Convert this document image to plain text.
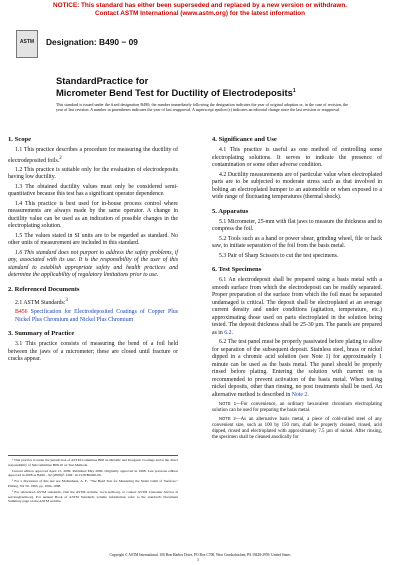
NOTICE: This standard has either been superseded and replaced by a new version or withdrawn.
Contact ASTM International (www.astm.org) for the latest information
ASTM	Designation: B490 − 09
StandardPractice for
Micrometer Bend Test for Ductility of Electrodeposits$^1$
This standard is issued under the fixed designation B490; the number immediately following the designation indicates the year of original adoption or, in the case of revision, the year of last revision. A number in parentheses indicates the year of last reapproval. A superscript epsilon (ε) indicates an editorial change since the last revision or reapproval.
1. Scope

1.1 This practice describes a procedure for measuring the ductility of electrodeposited foils.$^2$

1.2 This practice is suitable only for the evaluation of electrodeposits having low ductility.

1.3 The obtained ductility values must only be considered semi-quantitative because this test has a significant operator dependence.

1.4 This practice is best used for in-house process control where measurements are always made by the same operator. A change in ductility value can be used as an indication of possible changes in the electroplating solution.

1.5 The values stated in SI units are to be regarded as standard. No other units of measurement are included in this standard.

1.6 This standard does not purport to address the safety problems, if any, associated with its use. It is the responsibility of the user of this standard to establish appropriate safety and health practices and determine the applicability of regulatory limitations prior to use.

2. Referenced Documents

2.1 ASTM Standards:$^3$

B456 Specification for Electrodeposited Coatings of Copper Plus Nickel Plus Chromium and Nickel Plus Chromium

3. Summary of Practice

3.1 This practice consists of measuring the bend of a foil held between the jaws of a micrometer; these are closed until fracture or cracks appear.

¹ This practice is under the jurisdiction of ASTM Committee B08 on Metallic and Inorganic Coatings and is the direct responsibility of Subcommittee B08.10 on Test Methods.

Current edition approved April 15, 2009. Published May 2009. Originally approved in 1968. Last previous edition approved in 2008 as B490 – 92 (2008)ε¹. DOI: 10.1520/B0490-09.

² For a discussion of this test see Mollenhans, A. F., "The Bend Test for Measuring the Strain Limit of Surfaces," Plating, Vol 50, 1963, pp. 1094–1098.

³ For referenced ASTM standards, visit the ASTM website, www.astm.org, or contact ASTM Customer Service at service@astm.org. For Annual Book of ASTM Standards volume information, refer to the standard's Document Summary page on the ASTM website.

4. Significance and Use

4.1 This practice is useful as one method of controlling some electroplating solutions. It serves to indicate the presence of contamination or some other adverse condition.

4.2 Ductility measurements are of particular value when electroplated parts are to be subjected to moderate stress such as that involved in bolting an electroplated bumper to an automobile or when exposed to a wide range of fluctuating temperatures (thermal shock).

5. Apparatus

5.1 Micrometer, 25-mm with flat jaws to measure the thickness and to compress the foil.

5.2 Tools such as a hand or power shear, grinding wheel, file or hack saw, to initiate separation of the foil from the basis metal.

5.3 Pair of Sharp Scissors to cut the test specimens.

6. Test Specimens

6.1 An electrodeposit shall be prepared using a basis metal with a smooth surface from which the electrodeposit can be readily separated. Proper preparation of the surface from which the foil must be separated undamaged is critical. The deposit shall be electroplated at an average current density and under conditions (agitation, temperature, etc.) approximating those used on parts electroplated in the solution being tested. The deposit thickness shall be 25-30 µm. The panels are prepared as in 6.2.

6.2 The test panel must be properly passivated before plating to allow for separation of the subsequent deposit. Stainless steel, brass or nickel dipped in a chromic acid solution (see Note 1) for approximately 1 minute can be used as the basis metal. The panel should be properly rinsed before plating. Entering the solution with current on is recommended to prevent activation of the basis metal. When testing nickel deposits, other than rinsing, no post treatments shall be used. An alternative method is described in Note 2.

NOTE 1—For convenience, an ordinary hexavalent chromium electroplating solution can be used for preparing the basis metal.

NOTE 2—As an alternative basis metal, a piece of cold-rolled steel of any convenient size, such as 100 by 150 mm, shall be properly cleaned, rinsed, acid dipped, rinsed and electroplated with approximately 7.5 µm of nickel. After rinsing, the specimen shall be cleaned anodically for

Copyright © ASTM International, 100 Barr Harbor Drive, PO Box C700, West Conshohocken, PA 19428-2959. United States
1
